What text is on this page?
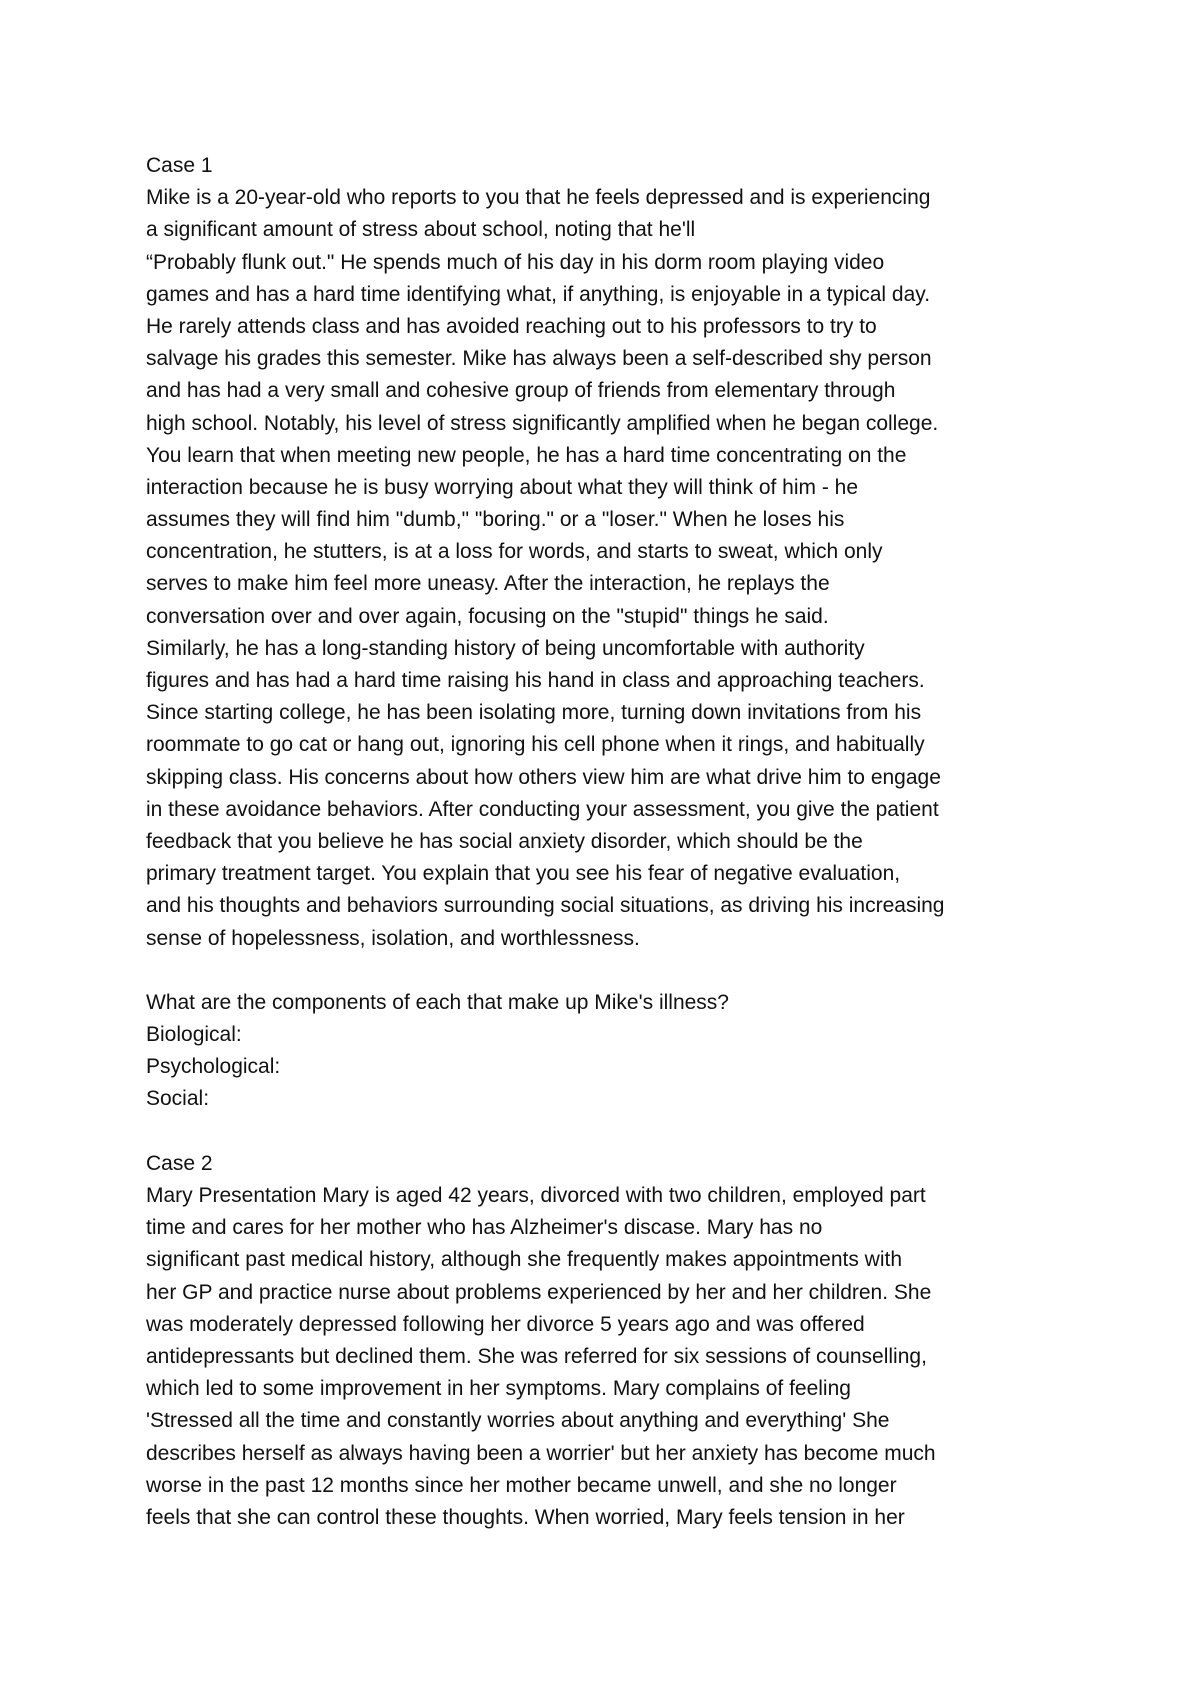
Case 1
Mike is a 20-year-old who reports to you that he feels depressed and is experiencing
a significant amount of stress about school, noting that he'll
“Probably flunk out." He spends much of his day in his dorm room playing video
games and has a hard time identifying what, if anything, is enjoyable in a typical day.
He rarely attends class and has avoided reaching out to his professors to try to
salvage his grades this semester. Mike has always been a self-described shy person
and has had a very small and cohesive group of friends from elementary through
high school. Notably, his level of stress significantly amplified when he began college.
You learn that when meeting new people, he has a hard time concentrating on the
interaction because he is busy worrying about what they will think of him - he
assumes they will find him "dumb," "boring." or a "loser." When he loses his
concentration, he stutters, is at a loss for words, and starts to sweat, which only
serves to make him feel more uneasy. After the interaction, he replays the
conversation over and over again, focusing on the "stupid" things he said.
Similarly, he has a long-standing history of being uncomfortable with authority
figures and has had a hard time raising his hand in class and approaching teachers.
Since starting college, he has been isolating more, turning down invitations from his
roommate to go cat or hang out, ignoring his cell phone when it rings, and habitually
skipping class. His concerns about how others view him are what drive him to engage
in these avoidance behaviors. After conducting your assessment, you give the patient
feedback that you believe he has social anxiety disorder, which should be the
primary treatment target. You explain that you see his fear of negative evaluation,
and his thoughts and behaviors surrounding social situations, as driving his increasing
sense of hopelessness, isolation, and worthlessness.
What are the components of each that make up Mike's illness?
Biological:
Psychological:
Social:
Case 2
Mary Presentation Mary is aged 42 years, divorced with two children, employed part
time and cares for her mother who has Alzheimer's discase. Mary has no
significant past medical history, although she frequently makes appointments with
her GP and practice nurse about problems experienced by her and her children. She
was moderately depressed following her divorce 5 years ago and was offered
antidepressants but declined them. She was referred for six sessions of counselling,
which led to some improvement in her symptoms. Mary complains of feeling
'Stressed all the time and constantly worries about anything and everything' She
describes herself as always having been a worrier' but her anxiety has become much
worse in the past 12 months since her mother became unwell, and she no longer
feels that she can control these thoughts. When worried, Mary feels tension in her
